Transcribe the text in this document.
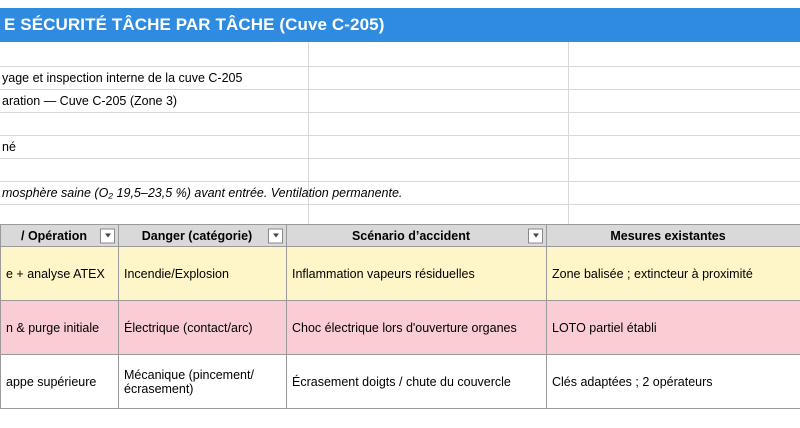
E SÉCURITÉ TÂCHE PAR TÂCHE (Cuve C-205)
yage et inspection interne de la cuve C-205
aration — Cuve C-205 (Zone 3)
né
mosphère saine (O₂ 19,5–23,5 %) avant entrée. Ventilation permanente.
/ Opération	Danger (catégorie)	Scénario d’accident	Mesures existantes
e + analyse ATEX	Incendie/Explosion	Inflammation vapeurs résiduelles	Zone balisée ; extincteur à proximité
n & purge initiale	Électrique (contact/arc)	Choc électrique lors d'ouverture organes	LOTO partiel établi
appe supérieure	Mécanique (pincement/écrasement)	Écrasement doigts / chute du couvercle	Clés adaptées ; 2 opérateurs
